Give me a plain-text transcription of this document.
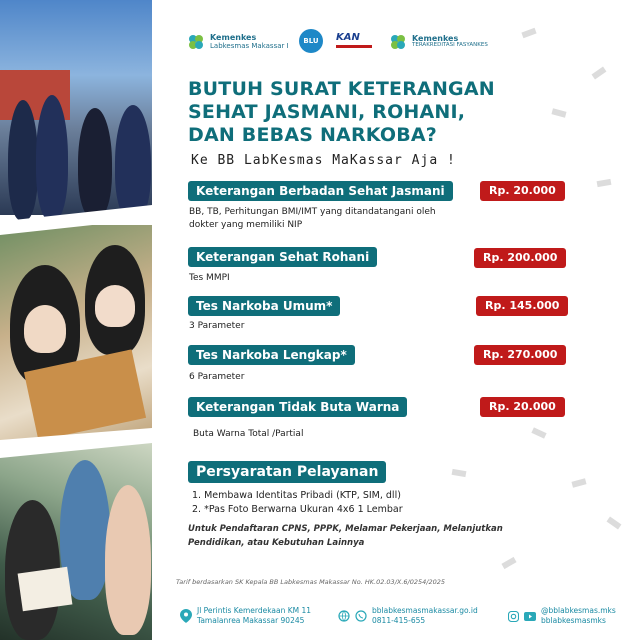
Kemenkes
Labkesmas Makassar I
BLU	KAN	Kemenkes
TERAKREDITASI FASYANKES
BUTUH SURAT KETERANGAN SEHAT JASMANI, ROHANI, DAN BEBAS NARKOBA?
Ke BB LabKesmas MaKassar Aja !
Keterangan Berbadan Sehat Jasmani	Rp. 20.000
BB, TB, Perhitungan BMI/IMT yang ditandatangani oleh dokter yang memiliki NIP
Keterangan Sehat Rohani	Rp. 200.000
Tes MMPI
Tes Narkoba Umum*	Rp. 145.000
3 Parameter
Tes Narkoba Lengkap*	Rp. 270.000
6 Parameter
Keterangan Tidak Buta Warna	Rp. 20.000
Buta Warna Total /Partial
Persyaratan Pelayanan
1. Membawa Identitas Pribadi (KTP, SIM, dll)
2. *Pas Foto Berwarna Ukuran 4x6 1 Lembar
Untuk Pendaftaran CPNS, PPPK, Melamar Pekerjaan, Melanjutkan Pendidikan, atau Kebutuhan Lainnya
Tarif berdasarkan SK Kepala BB Labkesmas Makassar No. HK.02.03/X.6/0254/2025
Jl Perintis Kemerdekaan KM 11
Tamalanrea Makassar 90245
bblabkesmasmakassar.go.id
0811-415-655
@bblabkesmas.mks
bblabkesmasmks
